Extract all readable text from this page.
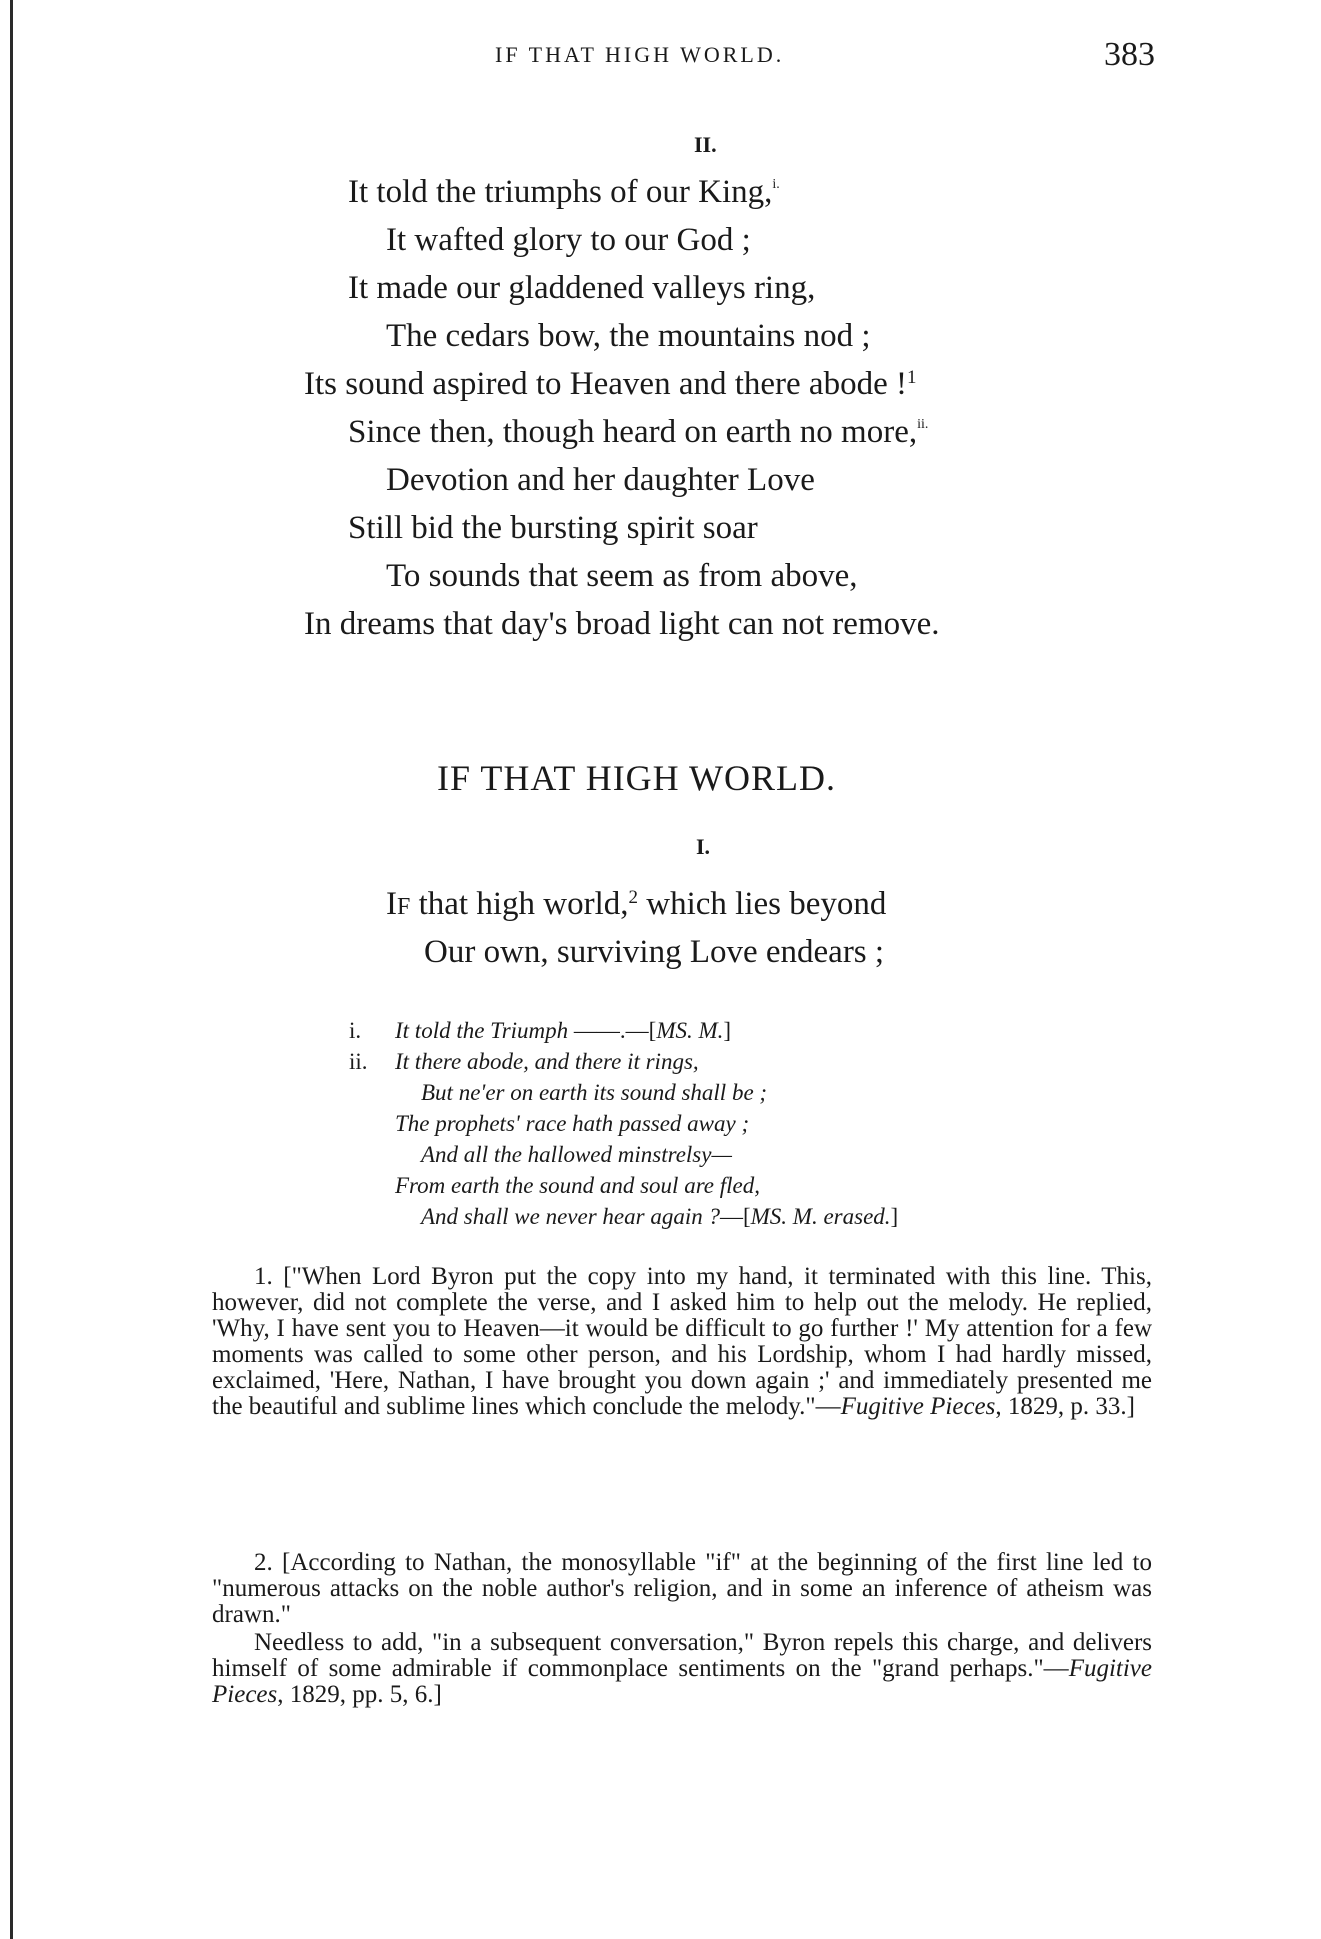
IF THAT HIGH WORLD.	383
II.
It told the triumphs of our King,$^{i.}$
It wafted glory to our God ;
It made our gladdened valleys ring,
The cedars bow, the mountains nod ;
Its sound aspired to Heaven and there abode !$^1$
Since then, though heard on earth no more,$^{ii.}$
Devotion and her daughter Love
Still bid the bursting spirit soar
To sounds that seem as from above,
In dreams that day's broad light can not remove.
IF THAT HIGH WORLD.
I.
IF that high world,$^2$ which lies beyond
Our own, surviving Love endears ;
i. It told the Triumph ——.—[MS. M.]
ii. It there abode, and there it rings,
But ne'er on earth its sound shall be ;
The prophets' race hath passed away ;
And all the hallowed minstrelsy—
From earth the sound and soul are fled,
And shall we never hear again ?—[MS. M. erased.]
1. ["When Lord Byron put the copy into my hand, it terminated with this line. This, however, did not complete the verse, and I asked him to help out the melody. He replied, 'Why, I have sent you to Heaven—it would be difficult to go further !' My attention for a few moments was called to some other person, and his Lordship, whom I had hardly missed, exclaimed, 'Here, Nathan, I have brought you down again ;' and immediately presented me the beautiful and sublime lines which conclude the melody."—Fugitive Pieces, 1829, p. 33.]
2. [According to Nathan, the monosyllable "if" at the beginning of the first line led to "numerous attacks on the noble author's religion, and in some an inference of atheism was drawn."
Needless to add, "in a subsequent conversation," Byron repels this charge, and delivers himself of some admirable if commonplace sentiments on the "grand perhaps."—Fugitive Pieces, 1829, pp. 5, 6.]
